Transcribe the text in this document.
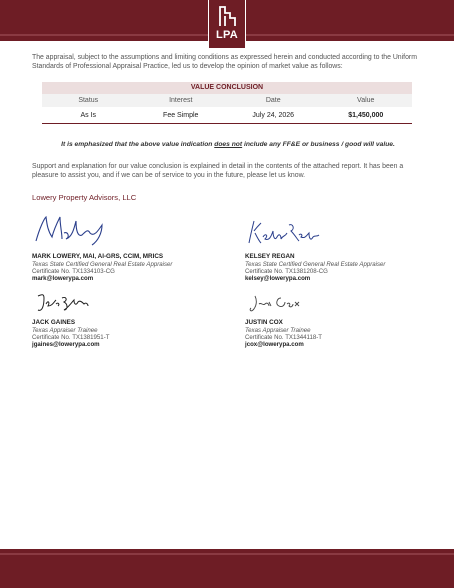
LPA
The appraisal, subject to the assumptions and limiting conditions as expressed herein and conducted according to the Uniform Standards of Professional Appraisal Practice, led us to develop the opinion of market value as follows:
VALUE CONCLUSION
Status	Interest	Date	Value
As Is	Fee Simple	July 24, 2026	$1,450,000
It is emphasized that the above value indication does not include any FF&E or business / good will value.
Support and explanation for our value conclusion is explained in detail in the contents of the attached report. It has been a pleasure to assist you, and if we can be of service to you in the future, please let us know.
Lowery Property Advisors, LLC
MARK LOWERY, MAI, AI-GRS, CCIM, MRICS
Texas State Certified General Real Estate Appraiser
Certificate No. TX1334103-CG
mark@lowerypa.com
KELSEY REGAN
Texas State Certified General Real Estate Appraiser
Certificate No. TX1381208-CG
kelsey@lowerypa.com
JACK GAINES
Texas Appraiser Trainee
Certificate No. TX1381951-T
jgaines@lowerypa.com
JUSTIN COX
Texas Appraiser Trainee
Certificate No. TX1344118-T
jcox@lowerypa.com
